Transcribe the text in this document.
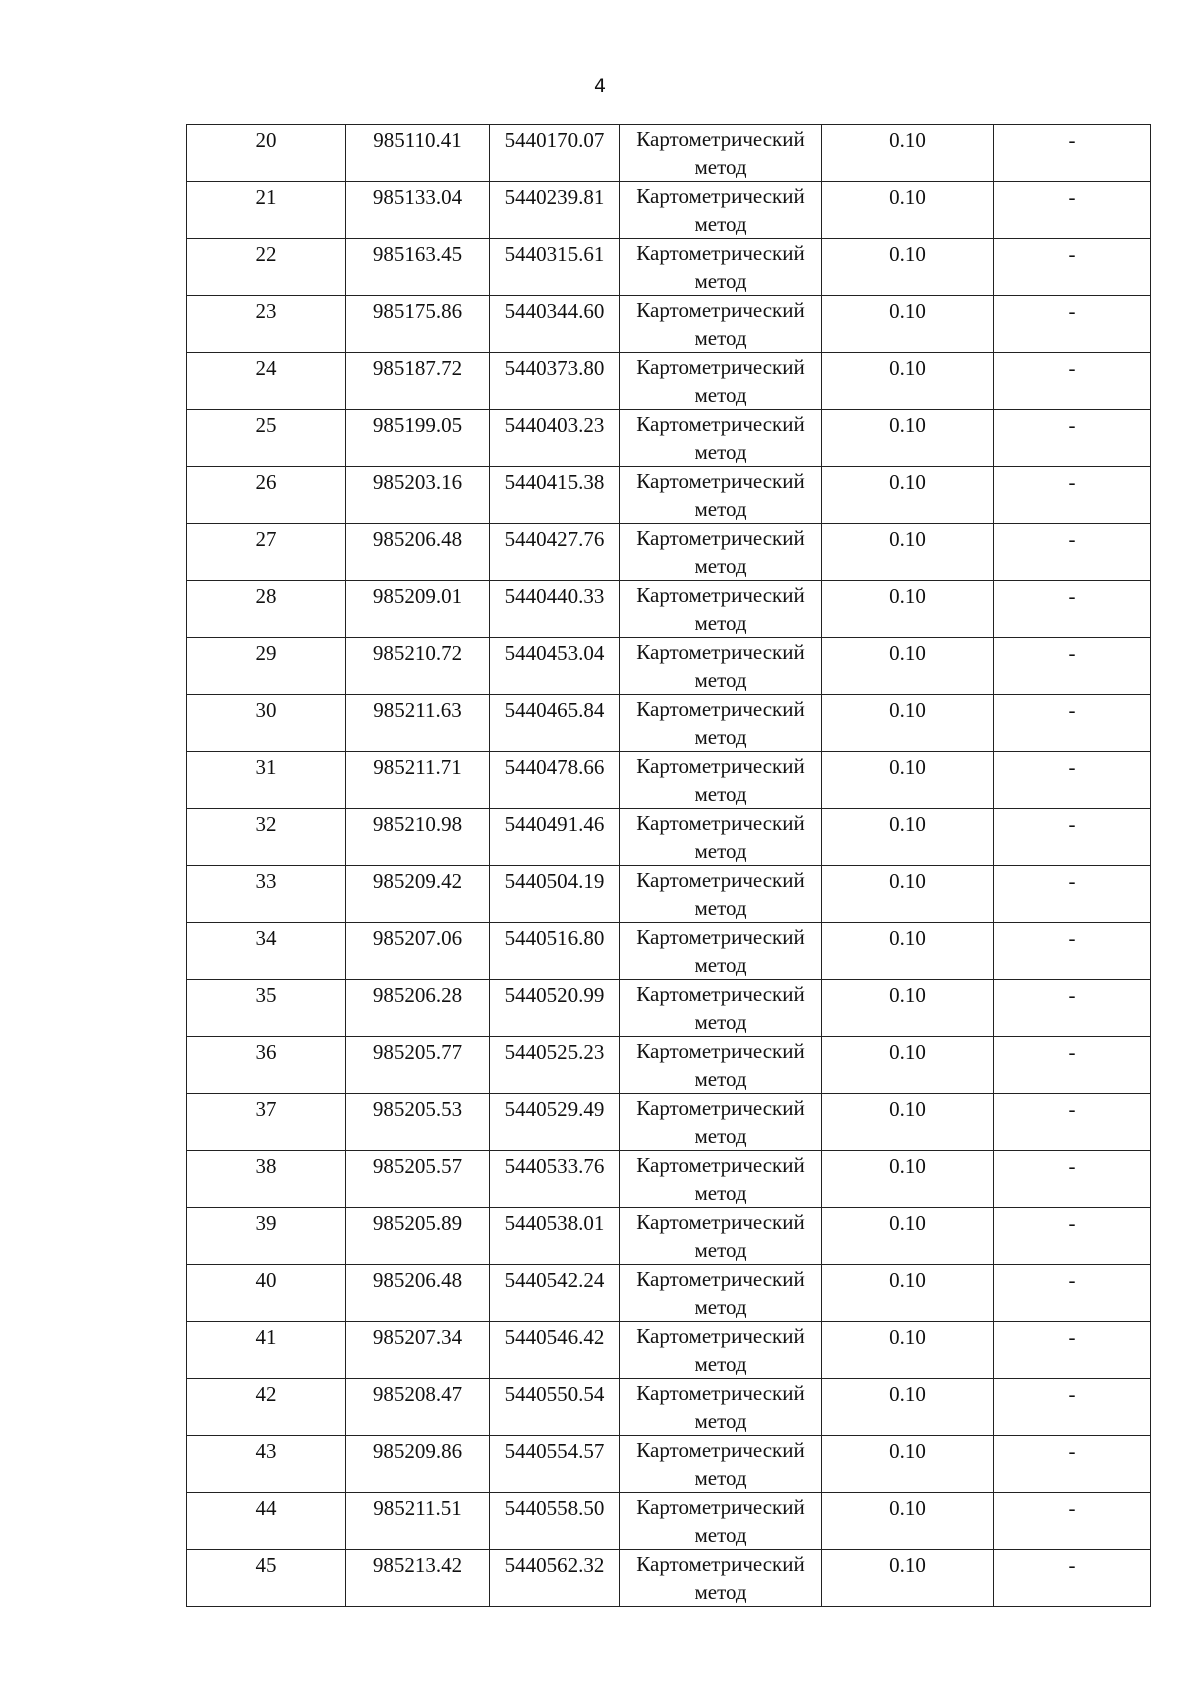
4
20	985110.41	5440170.07	Картометрический метод	0.10	-

21	985133.04	5440239.81	Картометрический метод	0.10	-

22	985163.45	5440315.61	Картометрический метод	0.10	-

23	985175.86	5440344.60	Картометрический метод	0.10	-

24	985187.72	5440373.80	Картометрический метод	0.10	-

25	985199.05	5440403.23	Картометрический метод	0.10	-

26	985203.16	5440415.38	Картометрический метод	0.10	-

27	985206.48	5440427.76	Картометрический метод	0.10	-

28	985209.01	5440440.33	Картометрический метод	0.10	-

29	985210.72	5440453.04	Картометрический метод	0.10	-

30	985211.63	5440465.84	Картометрический метод	0.10	-

31	985211.71	5440478.66	Картометрический метод	0.10	-

32	985210.98	5440491.46	Картометрический метод	0.10	-

33	985209.42	5440504.19	Картометрический метод	0.10	-

34	985207.06	5440516.80	Картометрический метод	0.10	-

35	985206.28	5440520.99	Картометрический метод	0.10	-

36	985205.77	5440525.23	Картометрический метод	0.10	-

37	985205.53	5440529.49	Картометрический метод	0.10	-

38	985205.57	5440533.76	Картометрический метод	0.10	-

39	985205.89	5440538.01	Картометрический метод	0.10	-

40	985206.48	5440542.24	Картометрический метод	0.10	-

41	985207.34	5440546.42	Картометрический метод	0.10	-

42	985208.47	5440550.54	Картометрический метод	0.10	-

43	985209.86	5440554.57	Картометрический метод	0.10	-

44	985211.51	5440558.50	Картометрический метод	0.10	-

45	985213.42	5440562.32	Картометрический метод	0.10	-
